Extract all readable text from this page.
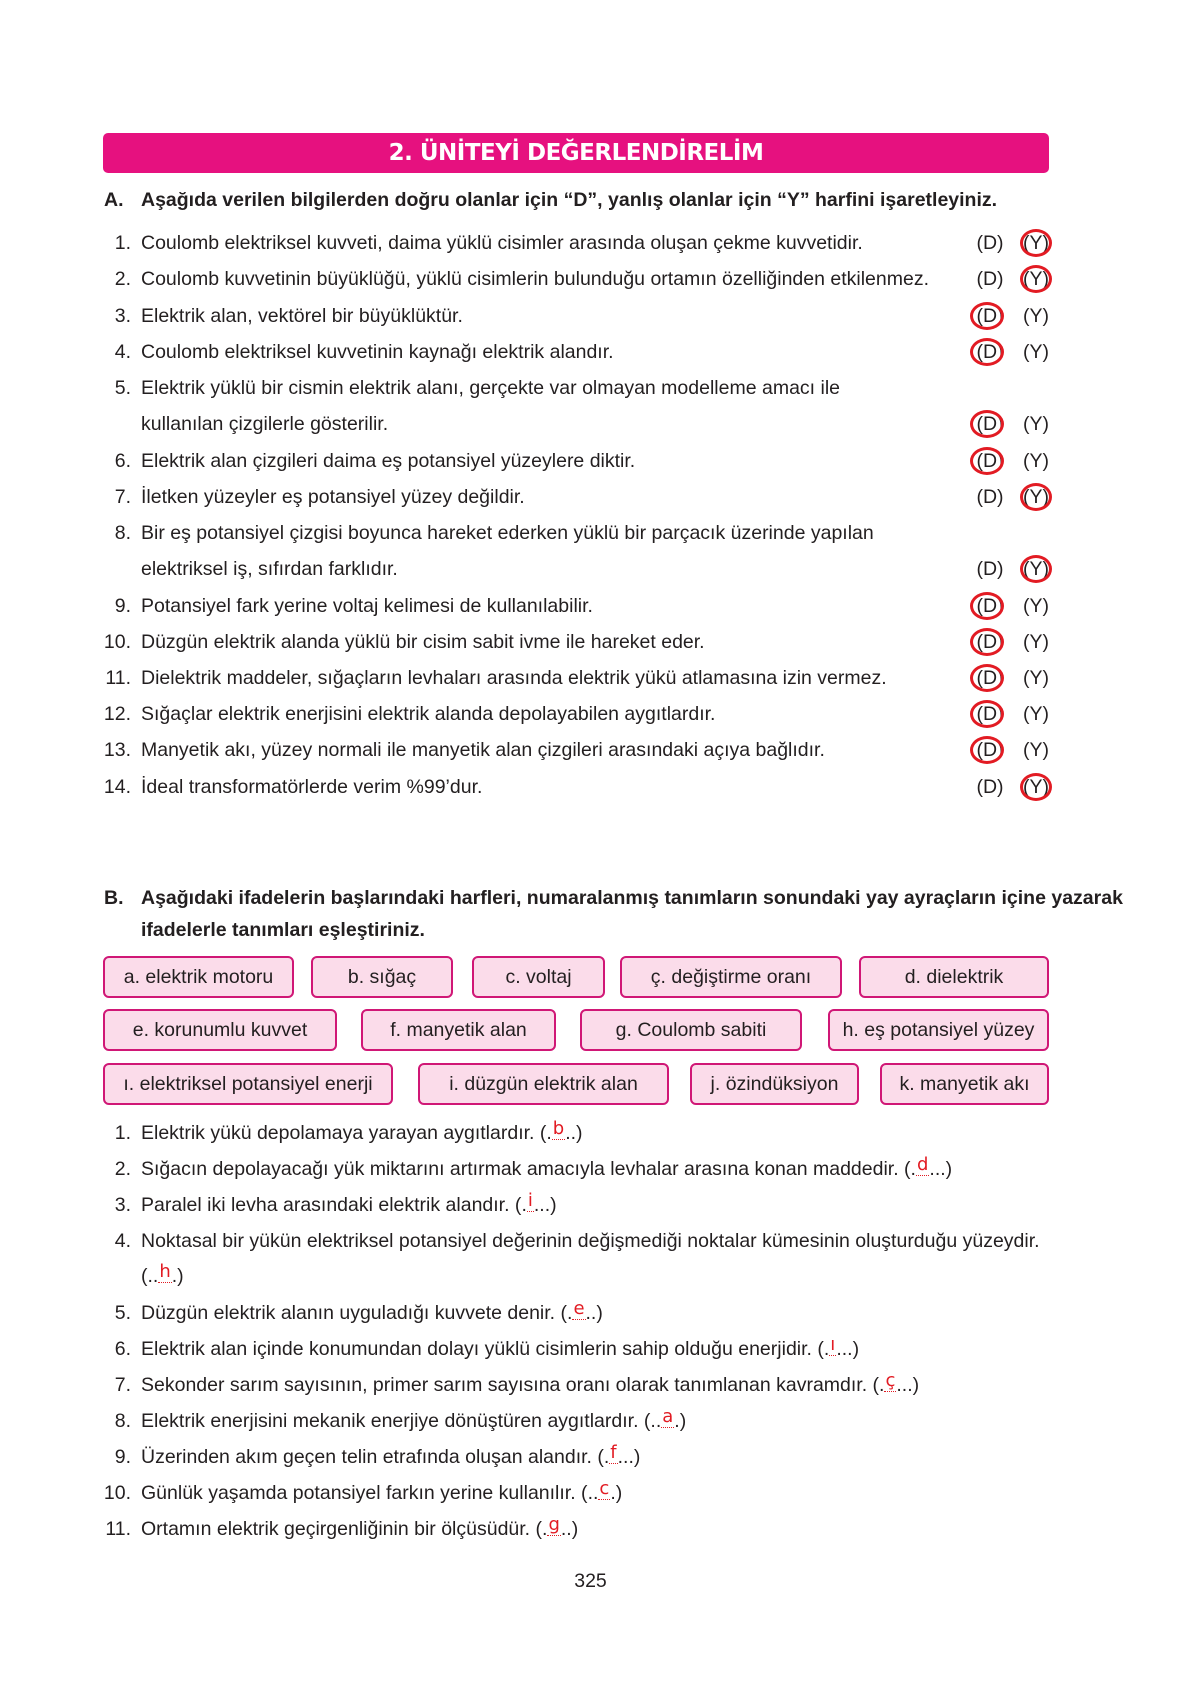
2. ÜNİTEYİ DEĞERLENDİRELİM
A. Aşağıda verilen bilgilerden doğru olanlar için “D”, yanlış olanlar için “Y” harfini işaretleyiniz.
1. Coulomb elektriksel kuvveti, daima yüklü cisimler arasında oluşan çekme kuvvetidir.	(D) (Y)
2. Coulomb kuvvetinin büyüklüğü, yüklü cisimlerin bulunduğu ortamın özelliğinden etkilenmez. (D) (Y)
3. Elektrik alan, vektörel bir büyüklüktür.	(D) (Y)
4. Coulomb elektriksel kuvvetinin kaynağı elektrik alandır.	(D) (Y)
5. Elektrik yüklü bir cismin elektrik alanı, gerçekte var olmayan modelleme amacı ile
kullanılan çizgilerle gösterilir.	(D) (Y)
6. Elektrik alan çizgileri daima eş potansiyel yüzeylere diktir.	(D) (Y)
7. İletken yüzeyler eş potansiyel yüzey değildir.	(D) (Y)
8. Bir eş potansiyel çizgisi boyunca hareket ederken yüklü bir parçacık üzerinde yapılan
elektriksel iş, sıfırdan farklıdır.	(D) (Y)
9. Potansiyel fark yerine voltaj kelimesi de kullanılabilir.	(D) (Y)
10. Düzgün elektrik alanda yüklü bir cisim sabit ivme ile hareket eder.	(D) (Y)
11. Dielektrik maddeler, sığaçların levhaları arasında elektrik yükü atlamasına izin vermez.	(D) (Y)
12. Sığaçlar elektrik enerjisini elektrik alanda depolayabilen aygıtlardır.	(D) (Y)
13. Manyetik akı, yüzey normali ile manyetik alan çizgileri arasındaki açıya bağlıdır.	(D) (Y)
14. İdeal transformatörlerde verim %99’dur.	(D) (Y)
B. Aşağıdaki ifadelerin başlarındaki harfleri, numaralanmış tanımların sonundaki yay ayraçların içine yazarak ifadelerle tanımları eşleştiriniz.
a. elektrik motoru	b. sığaç	c. voltaj	ç. değiştirme oranı	d. dielektrik
e. korunumlu kuvvet	f. manyetik alan	g. Coulomb sabiti	h. eş potansiyel yüzey
ı. elektriksel potansiyel enerji	i. düzgün elektrik alan	j. özindüksiyon	k. manyetik akı
1. Elektrik yükü depolamaya yarayan aygıtlardır. (.b..)
2. Sığacın depolayacağı yük miktarını artırmak amacıyla levhalar arasına konan maddedir. (.d...)
3. Paralel iki levha arasındaki elektrik alandır. (.i...)
4. Noktasal bir yükün elektriksel potansiyel değerinin değişmediği noktalar kümesinin oluşturduğu yüzeydir. (..h.)
5. Düzgün elektrik alanın uyguladığı kuvvete denir. (.e..)
6. Elektrik alan içinde konumundan dolayı yüklü cisimlerin sahip olduğu enerjidir. (.ı...)
7. Sekonder sarım sayısının, primer sarım sayısına oranı olarak tanımlanan kavramdır. (.ç...)
8. Elektrik enerjisini mekanik enerjiye dönüştüren aygıtlardır. (..a.)
9. Üzerinden akım geçen telin etrafında oluşan alandır. (.f...)
10. Günlük yaşamda potansiyel farkın yerine kullanılır. (..c.)
11. Ortamın elektrik geçirgenliğinin bir ölçüsüdür. (.g..)
325
